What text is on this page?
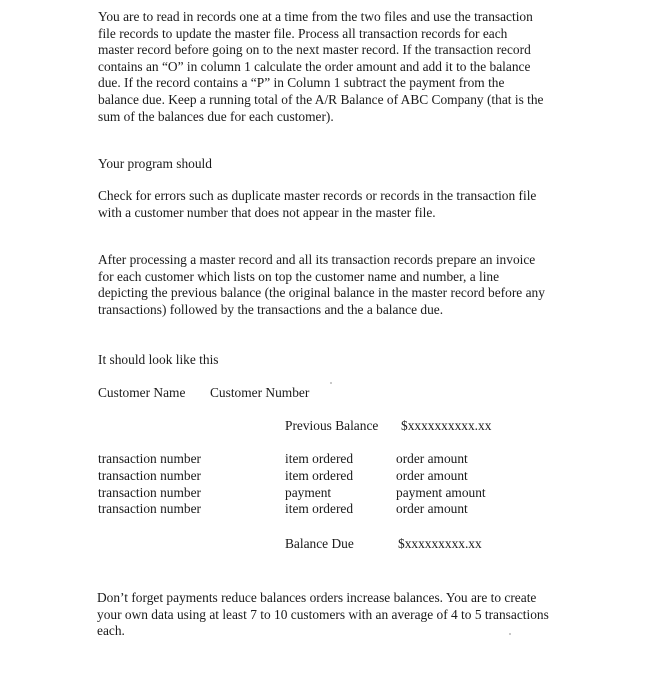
You are to read in records one at a time from the two files and use the transaction file records to update the master file. Process all transaction records for each master record before going on to the next master record. If the transaction record contains an “O” in column 1 calculate the order amount and add it to the balance due. If the record contains a “P” in Column 1 subtract the payment from the balance due. Keep a running total of the A/R Balance of ABC Company (that is the sum of the balances due for each customer).

Your program should

Check for errors such as duplicate master records or records in the transaction file with a customer number that does not appear in the master file.

After processing a master record and all its transaction records prepare an invoice for each customer which lists on top the customer name and number, a line depicting the previous balance (the original balance in the master record before any transactions) followed by the transactions and the a balance due.

It should look like this

Customer Name Customer Number
Previous Balance $xxxxxxxxxx.xx
transaction number	item ordered	order amount
transaction number	item ordered	order amount
transaction number	payment	payment amount
transaction number	item ordered	order amount
Balance Due	$xxxxxxxxx.xx

Don’t forget payments reduce balances orders increase balances. You are to create your own data using at least 7 to 10 customers with an average of 4 to 5 transactions each.
